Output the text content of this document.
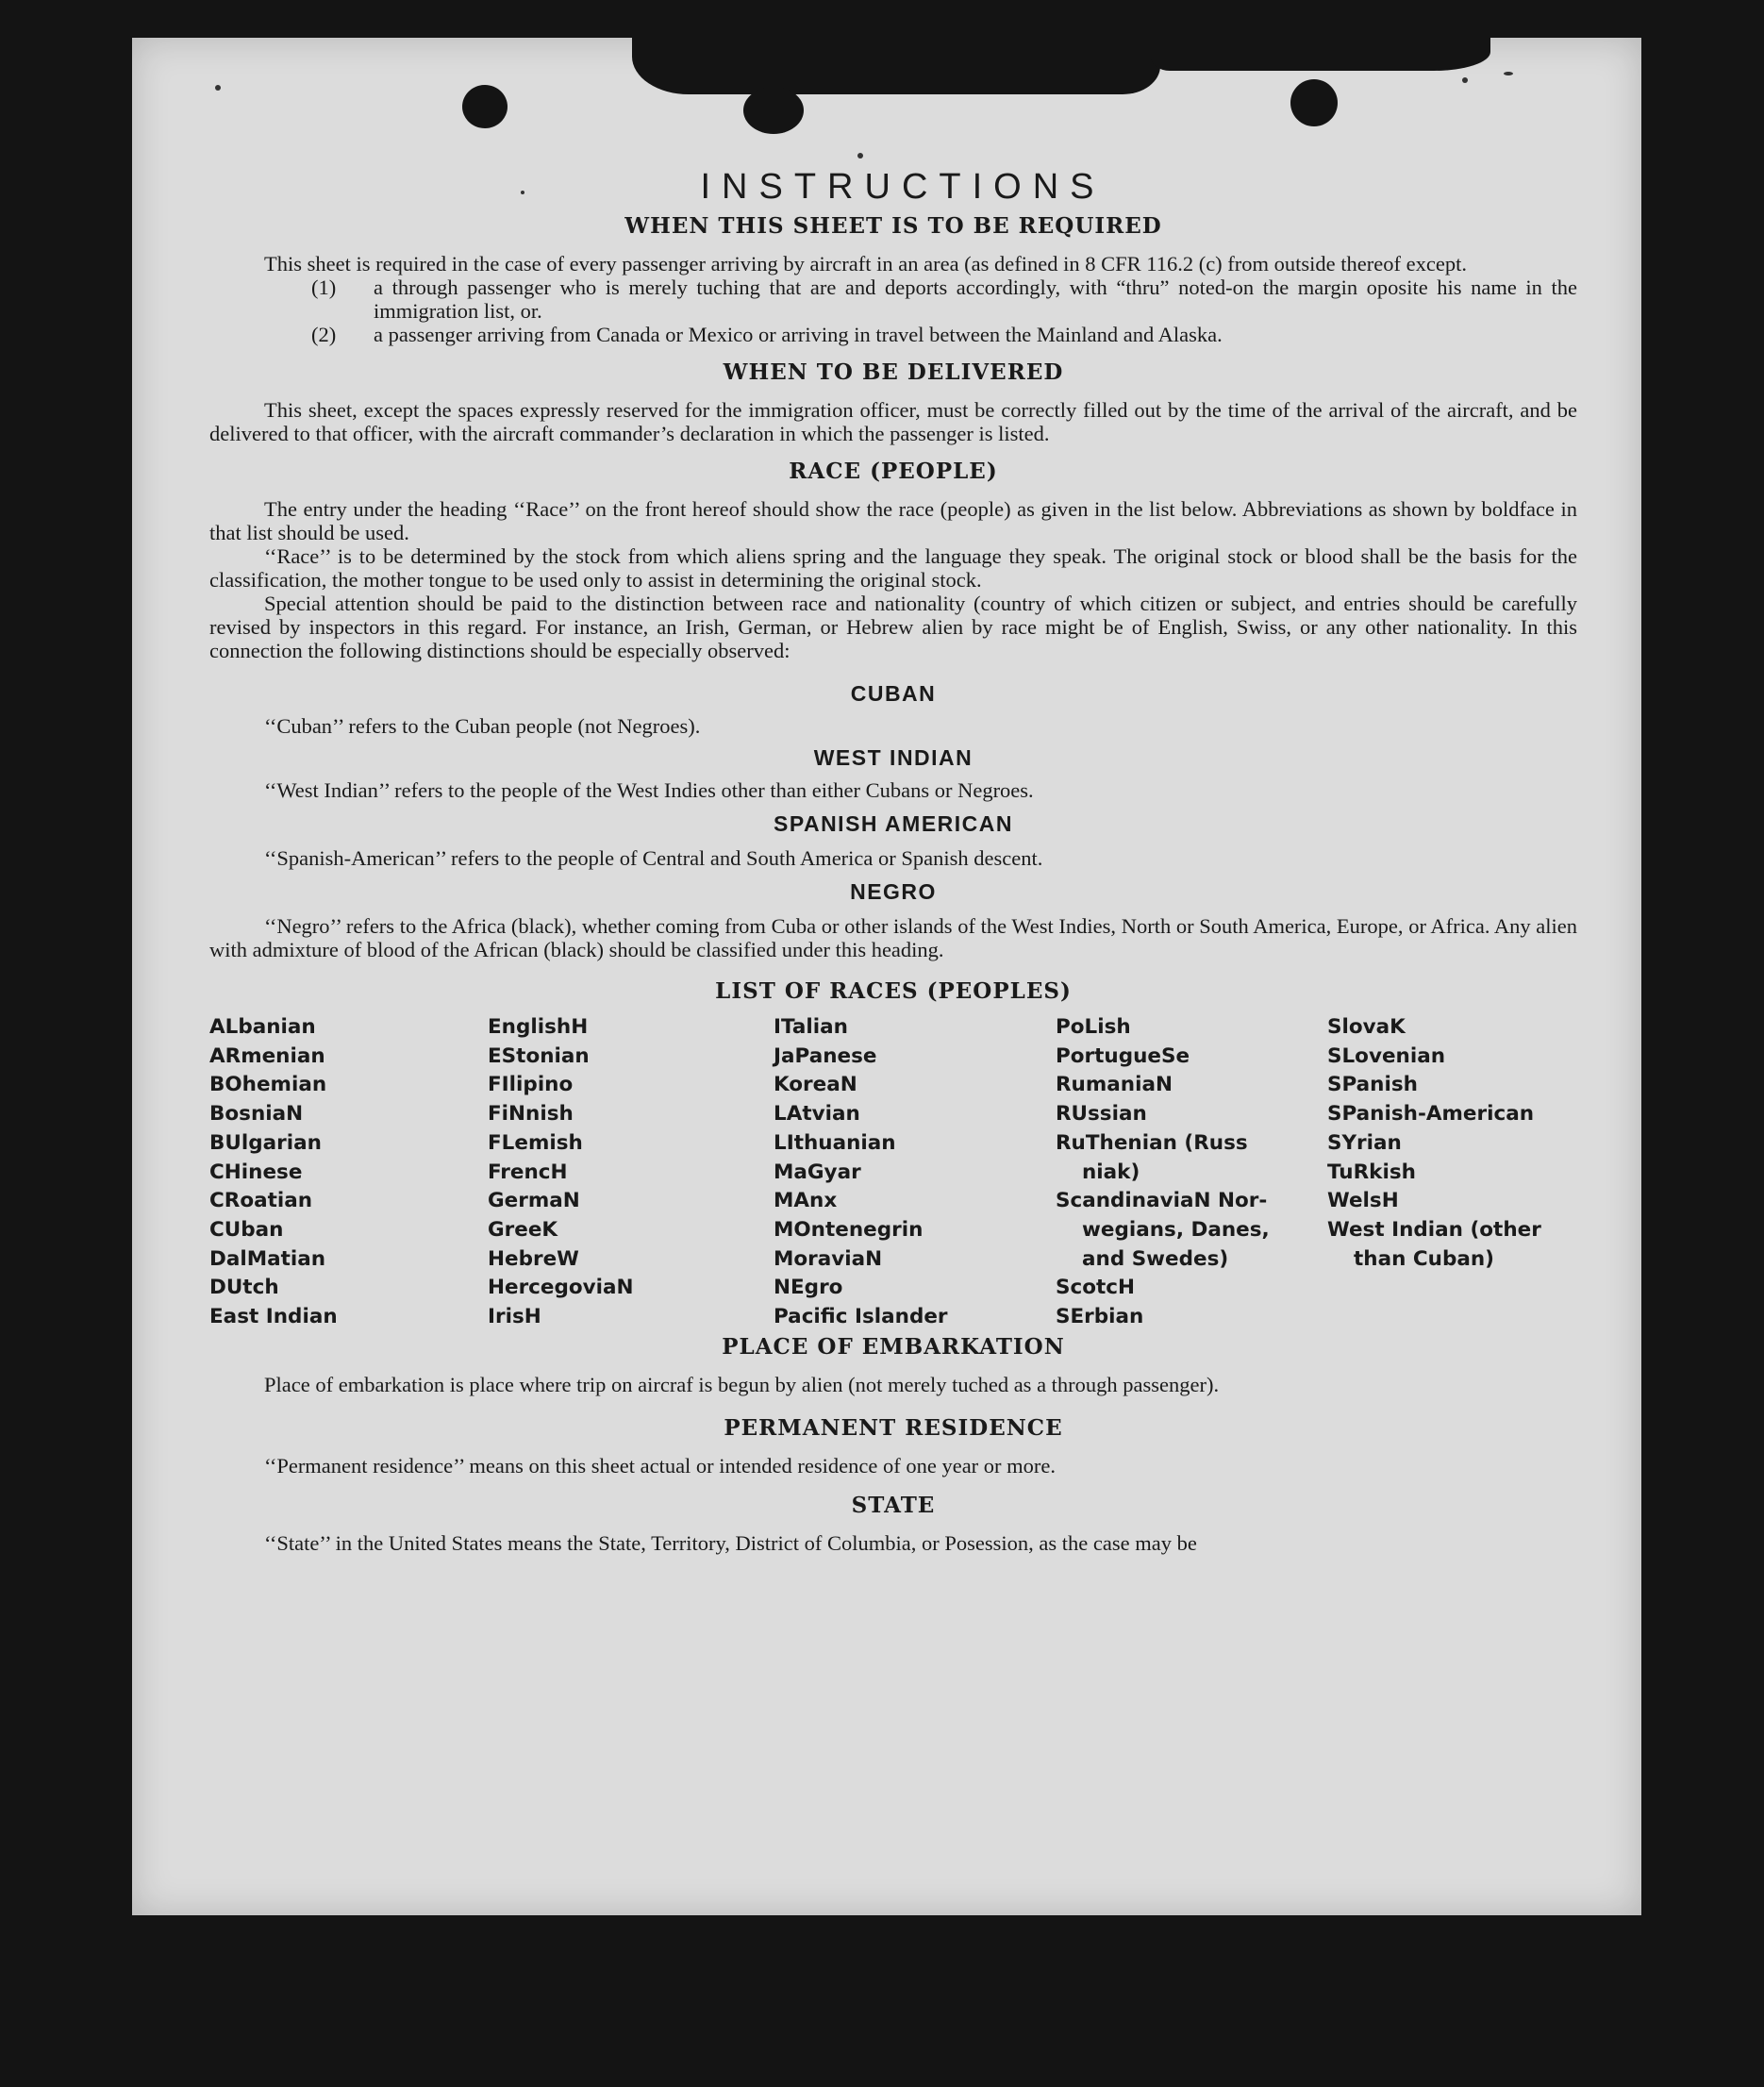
INSTRUCTIONS
WHEN THIS SHEET IS TO BE REQUIRED

This sheet is required in the case of every passenger arriving by aircraft in an area (as defined in 8 CFR 116.2 (c) from outside thereof except.

(1)	a through passenger who is merely tuching that are and deports accordingly, with “thru” noted-on the margin oposite his name in the immigration list, or.
(2)	a passenger arriving from Canada or Mexico or arriving in travel between the Mainland and Alaska.
WHEN TO BE DELIVERED

This sheet, except the spaces expressly reserved for the immigration officer, must be correctly filled out by the time of the arrival of the aircraft, and be delivered to that officer, with the aircraft commander’s declaration in which the passenger is listed.

RACE (PEOPLE)

The entry under the heading ‘‘Race’’ on the front hereof should show the race (people) as given in the list below. Abbreviations as shown by boldface in that list should be used.

‘‘Race’’ is to be determined by the stock from which aliens spring and the language they speak. The original stock or blood shall be the basis for the classification, the mother tongue to be used only to assist in determining the original stock.

Special attention should be paid to the distinction between race and nationality (country of which citizen or subject, and entries should be carefully revised by inspectors in this regard. For instance, an Irish, German, or Hebrew alien by race might be of English, Swiss, or any other nationality. In this connection the following distinctions should be especially observed:

CUBAN

‘‘Cuban’’ refers to the Cuban people (not Negroes).

WEST INDIAN

‘‘West Indian’’ refers to the people of the West Indies other than either Cubans or Negroes.

SPANISH AMERICAN

‘‘Spanish-American’’ refers to the people of Central and South America or Spanish descent.

NEGRO

‘‘Negro’’ refers to the Africa (black), whether coming from Cuba or other islands of the West Indies, North or South America, Europe, or Africa. Any alien with admixture of blood of the African (black) should be classified under this heading.

LIST OF RACES (PEOPLES)
ALbanian
ARmenian
BOhemian
BosniaN
BUlgarian
CHinese
CRoatian
CUban
DalMatian
DUtch
East Indian
EnglishH
EStonian
FIlipino
FiNnish
FLemish
FrencH
GermaN
GreeK
HebreW
HercegoviaN
IrisH
ITalian
JaPanese
KoreaN
LAtvian
LIthuanian
MaGyar
MAnx
MOntenegrin
MoraviaN
NEgro
Pacific Islander
PoLish
PortugueSe
RumaniaN
RUssian
RuThenian (Russ
niak)
ScandinaviaN Nor-
wegians, Danes,
and Swedes)
ScotcH
SErbian
SlovaK
SLovenian
SPanish
SPanish-American
SYrian
TuRkish
WelsH
West Indian (other
than Cuban)
PLACE OF EMBARKATION

Place of embarkation is place where trip on aircraf is begun by alien (not merely tuched as a through passenger).

PERMANENT RESIDENCE

‘‘Permanent residence’’ means on this sheet actual or intended residence of one year or more.

STATE

‘‘State’’ in the United States means the State, Territory, District of Columbia, or Posession, as the case may be
